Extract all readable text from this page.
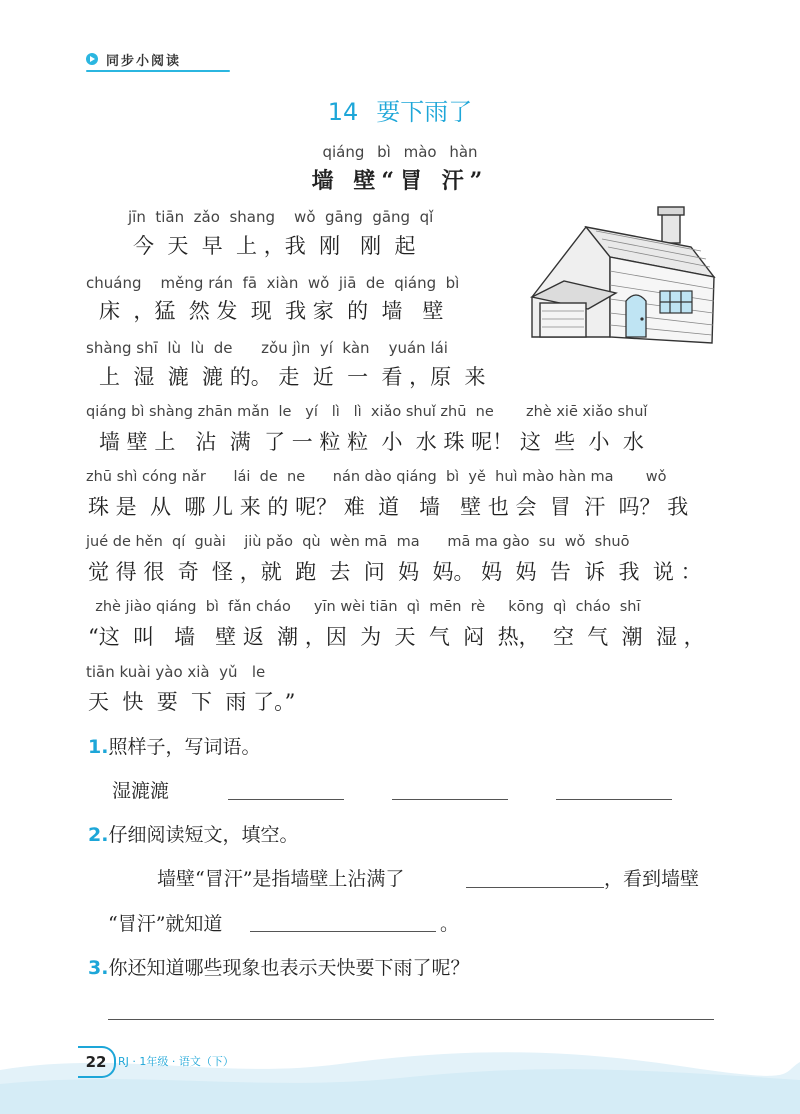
同步小阅读
14 要下雨了
qiáng bì mào hàn
墙 壁“冒 汗”
jīn  tiān  zǎo  shang    wǒ  gāng  gāng  qǐ
今  天  早  上 ，我  刚   刚  起
chuáng    měng rán  fā  xiàn  wǒ  jiā  de  qiáng  bì
床  ，猛  然 发  现  我 家  的  墙   壁
shàng shī  lù  lù  de      zǒu jìn  yí  kàn    yuán lái
上  湿  漉  漉 的。 走  近  一  看 ，原  来
qiáng bì shàng zhān mǎn  le   yí   lì   lì  xiǎo shuǐ zhū  ne       zhè xiē xiǎo shuǐ
墙 壁 上   沾  满  了 一 粒 粒  小  水 珠 呢！ 这  些  小  水
zhū shì cóng nǎr      lái  de  ne      nán dào qiáng  bì  yě  huì mào hàn ma       wǒ
珠 是  从  哪 儿 来 的 呢？ 难  道   墙   壁 也 会  冒  汗  吗？ 我
jué de hěn  qí  guài    jiù pǎo  qù  wèn mā  ma      mā ma gào  su  wǒ  shuō
觉 得 很  奇  怪 ，就  跑  去  问  妈  妈。 妈  妈  告  诉  我  说 ：
zhè jiào qiáng  bì  fǎn cháo     yīn wèi tiān  qì  mēn  rè     kōng  qì  cháo  shī
“这  叫   墙   壁 返  潮 ，因  为  天  气  闷  热，  空  气  潮  湿 ，
tiān kuài yào xià  yǔ   le
天  快  要  下  雨 了。”
1.照样子，写词语。
湿漉漉
2.仔细阅读短文，填空。
墙壁“冒汗”是指墙壁上沾满了	，看到墙壁
“冒汗”就知道	。
3.你还知道哪些现象也表示天快要下雨了呢？
22	RJ · 1年级 · 语文（下）
